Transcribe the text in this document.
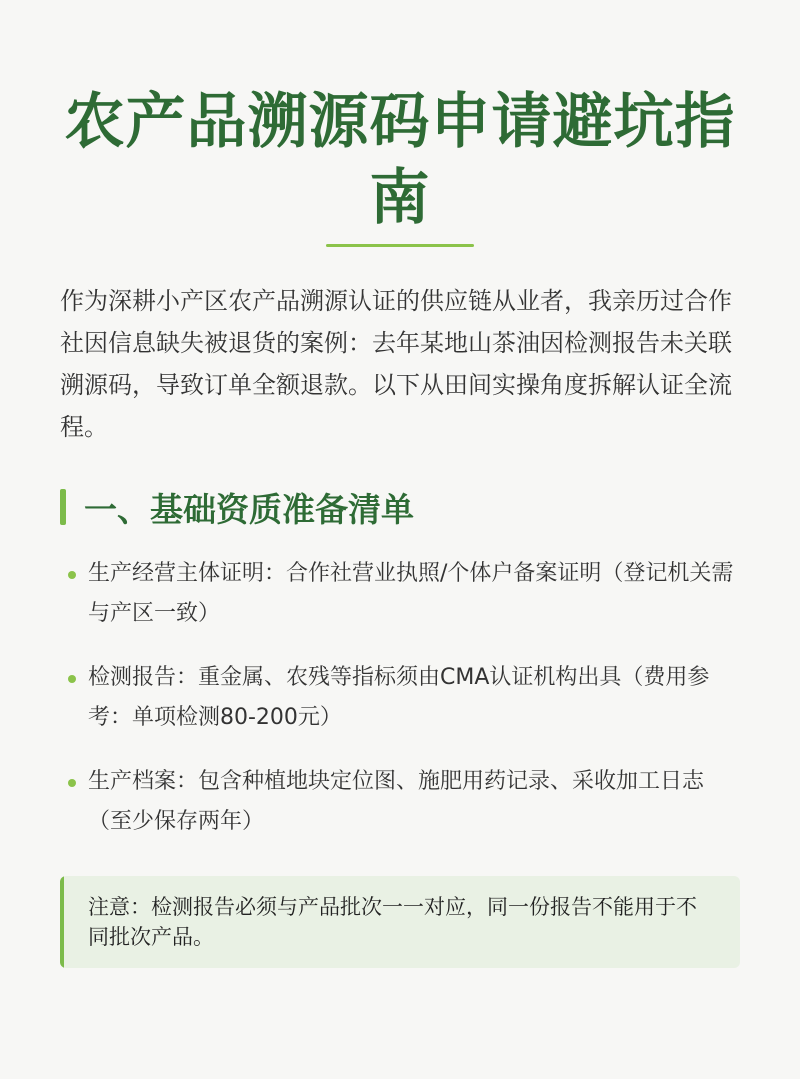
农产品溯源码申请避坑指南
作为深耕小产区农产品溯源认证的供应链从业者，我亲历过合作社因信息缺失被退货的案例：去年某地山茶油因检测报告未关联溯源码，导致订单全额退款。以下从田间实操角度拆解认证全流程。
一、基础资质准备清单
生产经营主体证明：合作社营业执照/个体户备案证明（登记机关需与产区一致）
检测报告：重金属、农残等指标须由CMA认证机构出具（费用参考：单项检测80-200元）
生产档案：包含种植地块定位图、施肥用药记录、采收加工日志（至少保存两年）
注意：检测报告必须与产品批次一一对应，同一份报告不能用于不同批次产品。
